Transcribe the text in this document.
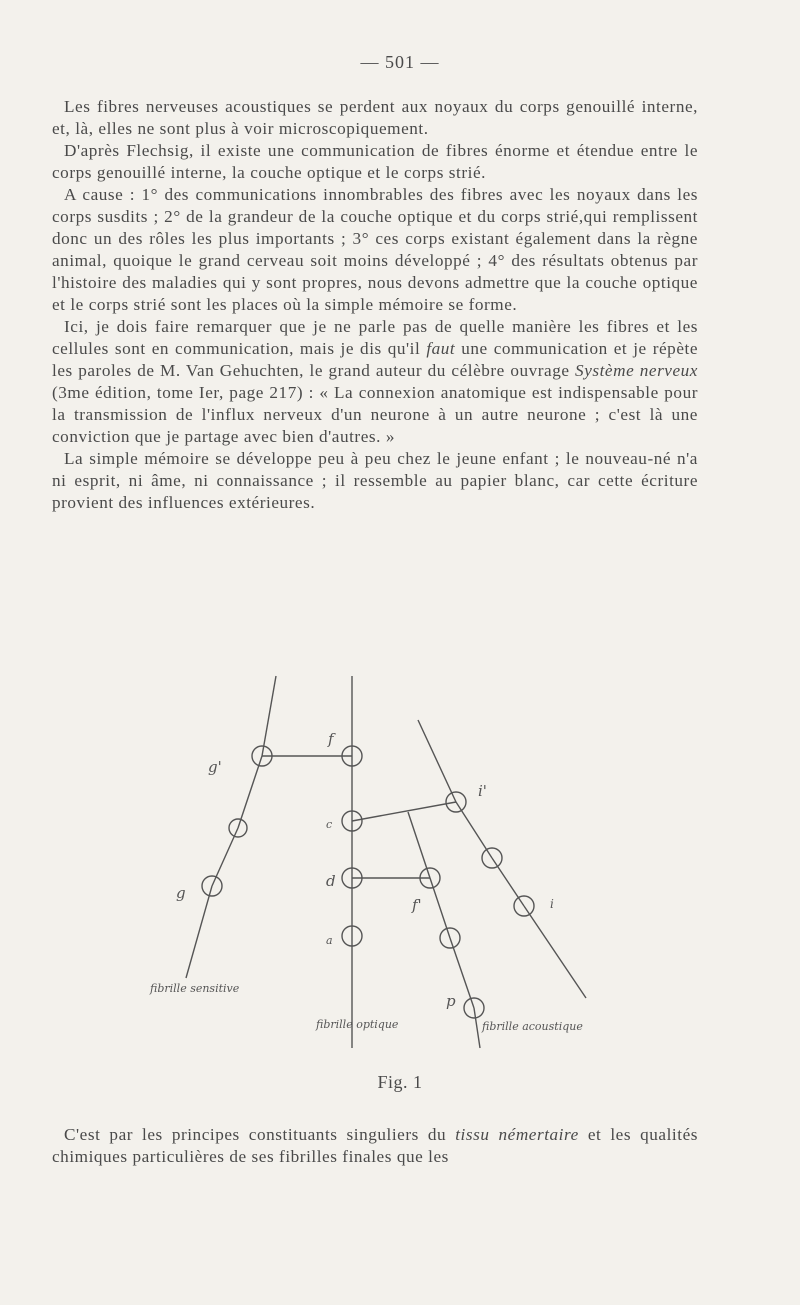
— 501 —

Les fibres nerveuses acoustiques se perdent aux noyaux du corps genouillé interne, et, là, elles ne sont plus à voir microscopiquement.

D'après Flechsig, il existe une communication de fibres énorme et étendue entre le corps genouillé interne, la couche optique et le corps strié.

A cause : 1° des communications innombrables des fibres avec les noyaux dans les corps susdits ; 2° de la grandeur de la couche optique et du corps strié,qui remplissent donc un des rôles les plus importants ; 3° ces corps existant également dans la règne animal, quoique le grand cerveau soit moins développé ; 4° des résultats obtenus par l'histoire des maladies qui y sont propres, nous devons admettre que la couche optique et le corps strié sont les places où la simple mémoire se forme.

Ici, je dois faire remarquer que je ne parle pas de quelle manière les fibres et les cellules sont en communication, mais je dis qu'il faut une communication et je répète les paroles de M. Van Gehuchten, le grand auteur du célèbre ouvrage Système nerveux (3me édition, tome Ier, page 217) : « La connexion anatomique est indispensable pour la transmission de l'influx nerveux d'un neurone à un autre neurone ; c'est là une conviction que je partage avec bien d'autres. »

La simple mémoire se développe peu à peu chez le jeune enfant ; le nouveau-né n'a ni esprit, ni âme, ni connaissance ; il ressemble au papier blanc, car cette écriture provient des influences extérieures.

g'
g
f
c
d
a
f'
i'
i
p
fibrille sensitive
fibrille optique	fibrille acoustique
Fig. 1

C'est par les principes constituants singuliers du tissu némertaire et les qualités chimiques particulières de ses fibrilles finales que les
